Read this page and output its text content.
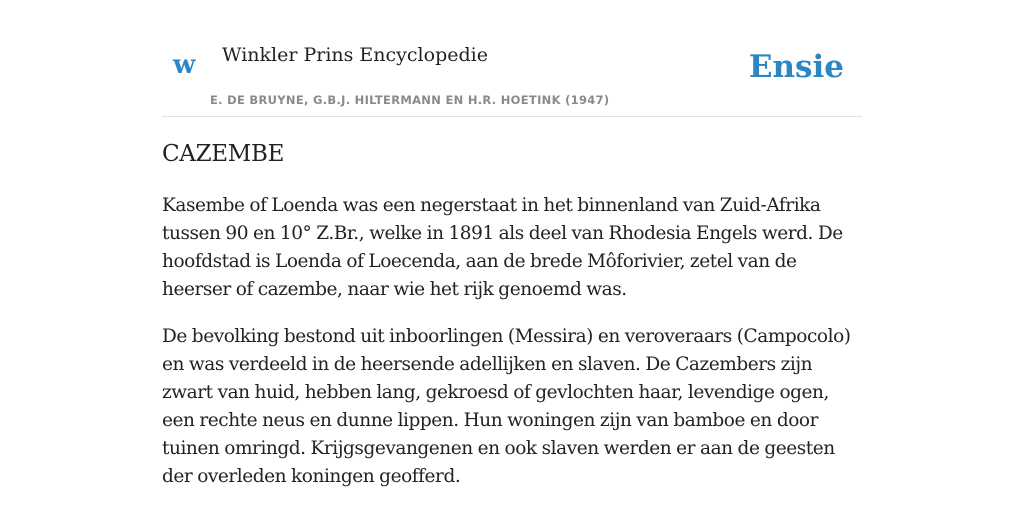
w Winkler Prins Encyclopedie
E. DE BRUYNE, G.B.J. HILTERMANN EN H.R. HOETINK (1947)
Ensie
CAZEMBE

Kasembe of Loenda was een negerstaat in het binnenland van Zuid-Afrika tussen 90 en 10° Z.Br., welke in 1891 als deel van Rhodesia Engels werd. De hoofdstad is Loenda of Loecenda, aan de brede Môforivier, zetel van de heerser of cazembe, naar wie het rijk genoemd was.

De bevolking bestond uit inboorlingen (Messira) en veroveraars (Campocolo) en was verdeeld in de heersende adellijken en slaven. De Cazembers zijn zwart van huid, hebben lang, gekroesd of gevlochten haar, levendige ogen, een rechte neus en dunne lippen. Hun woningen zijn van bamboe en door tuinen omringd. Krijgsgevangenen en ook slaven werden er aan de geesten der overleden koningen geofferd.
